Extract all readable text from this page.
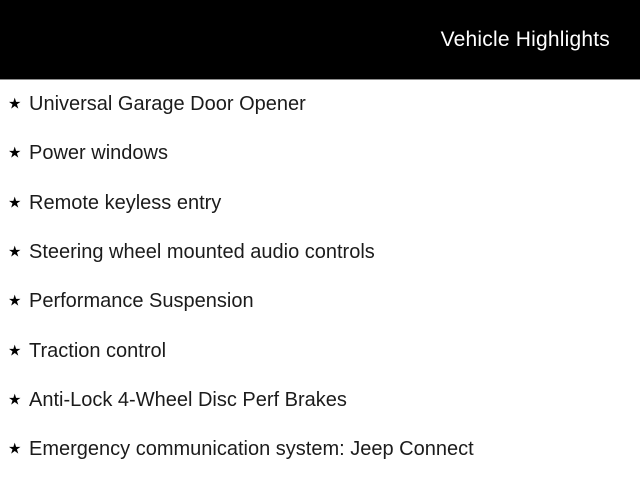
Vehicle Highlights
★ Universal Garage Door Opener
★ Power windows
★ Remote keyless entry
★ Steering wheel mounted audio controls
★ Performance Suspension
★ Traction control
★ Anti-Lock 4-Wheel Disc Perf Brakes
★ Emergency communication system: Jeep Connect
